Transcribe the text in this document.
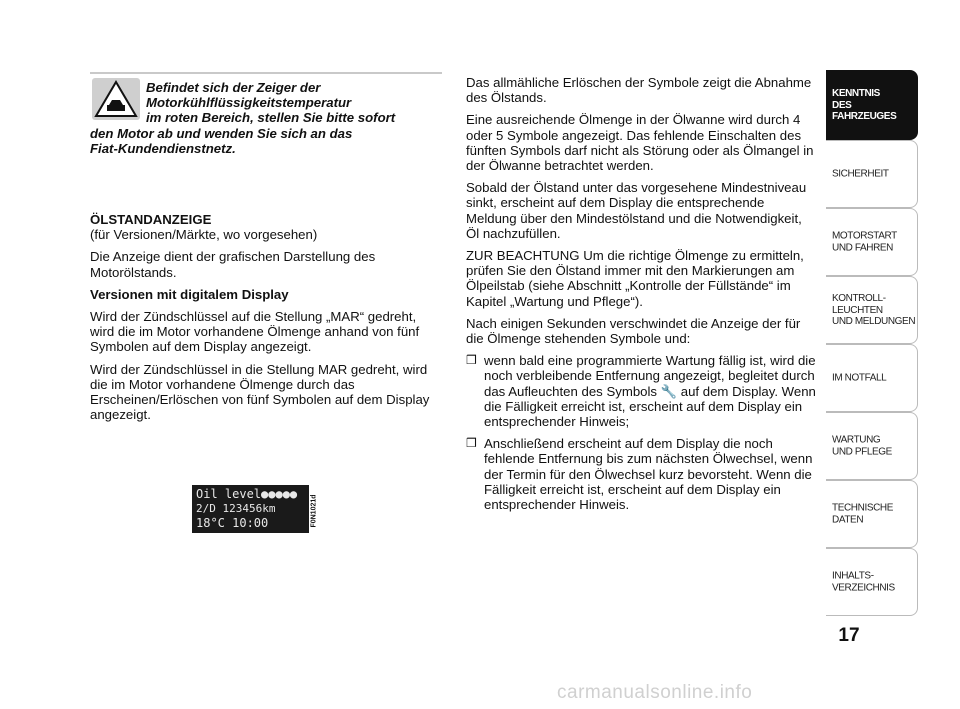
Befindet sich der Zeiger der
Motorkühlflüssigkeitstemperatur
im roten Bereich, stellen Sie bitte sofort
den Motor ab und wenden Sie sich an das
Fiat-Kundendienstnetz.
ÖLSTANDANZEIGE

(für Versionen/Märkte, wo vorgesehen)

Die Anzeige dient der grafischen Darstellung des Motorölstands.

Versionen mit digitalem Display

Wird der Zündschlüssel auf die Stellung „MAR“ gedreht, wird die im Motor vorhandene Ölmenge anhand von fünf Symbolen auf dem Display angezeigt.

Wird der Zündschlüssel in die Stellung MAR gedreht, wird die im Motor vorhandene Ölmenge durch das Erscheinen/Erlöschen von fünf Symbolen auf dem Display angezeigt.

Oil level●●●●●
2/D 123456km
18°C 10:00	F0N1021d

Das allmähliche Erlöschen der Symbole zeigt die Abnahme des Ölstands.

Eine ausreichende Ölmenge in der Ölwanne wird durch 4 oder 5 Symbole angezeigt. Das fehlende Einschalten des fünften Symbols darf nicht als Störung oder als Ölmangel in der Ölwanne betrachtet werden.

Sobald der Ölstand unter das vorgesehene Mindestniveau sinkt, erscheint auf dem Display die entsprechende Meldung über den Mindestölstand und die Notwendigkeit, Öl nachzufüllen.

ZUR BEACHTUNG Um die richtige Ölmenge zu ermitteln, prüfen Sie den Ölstand immer mit den Markierungen am Ölpeilstab (siehe Abschnitt „Kontrolle der Füllstände“ im Kapitel „Wartung und Pflege“).

Nach einigen Sekunden verschwindet die Anzeige der für die Ölmenge stehenden Symbole und:

❒ wenn bald eine programmierte Wartung fällig ist, wird die noch verbleibende Entfernung angezeigt, begleitet durch das Aufleuchten des Symbols 🔧 auf dem Display. Wenn die Fälligkeit erreicht ist, erscheint auf dem Display ein entsprechender Hinweis;
❒ Anschließend erscheint auf dem Display die noch fehlende Entfernung bis zum nächsten Ölwechsel, wenn der Termin für den Ölwechsel kurz bevorsteht. Wenn die Fälligkeit erreicht ist, erscheint auf dem Display ein entsprechender Hinweis.
KENNTNIS
DES FAHRZEUGES
SICHERHEIT
MOTORSTART
UND FAHREN
KONTROLL-
LEUCHTEN
UND MELDUNGEN
IM NOTFALL
WARTUNG
UND PFLEGE
TECHNISCHE
DATEN
INHALTS-
VERZEICHNIS
17
carmanualsonline.info
